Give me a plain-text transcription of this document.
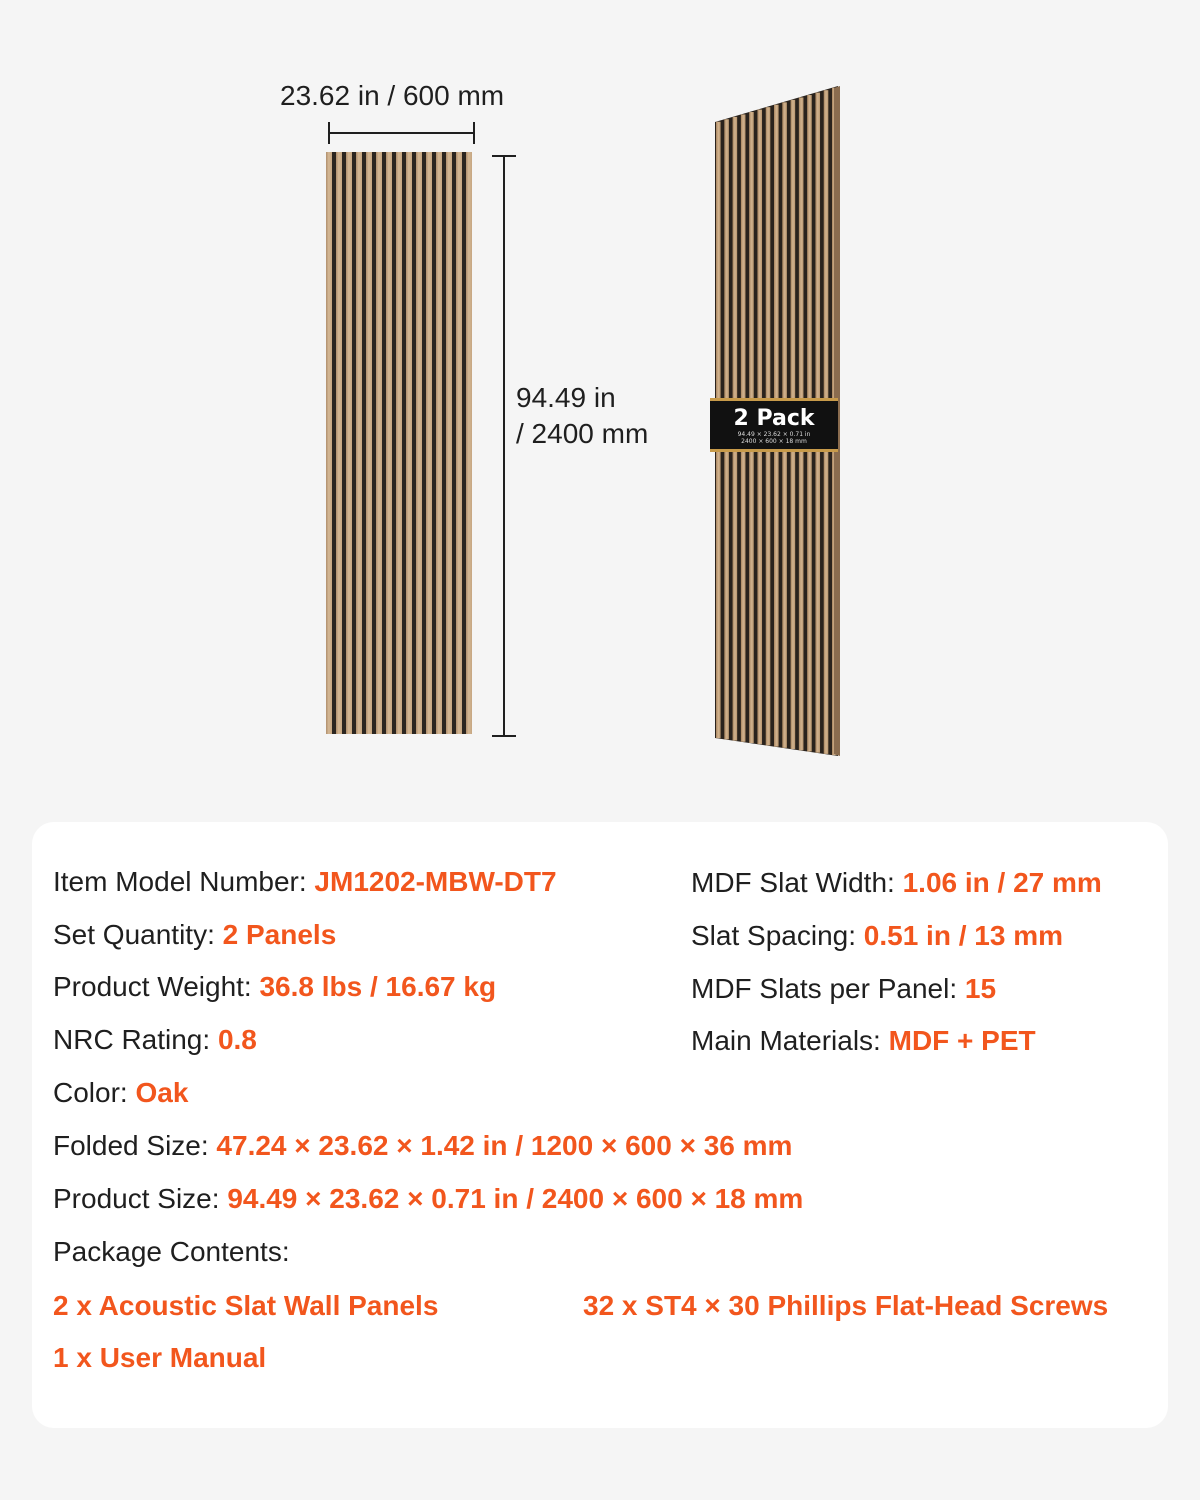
23.62 in / 600 mm
94.49 in
/ 2400 mm	2 Pack
94.49 × 23.62 × 0.71 in
2400 × 600 × 18 mm
Item Model Number: JM1202-MBW-DT7
Set Quantity: 2 Panels
Product Weight: 36.8 lbs / 16.67 kg
NRC Rating: 0.8
Color: Oak
MDF Slat Width: 1.06 in / 27 mm
Slat Spacing: 0.51 in / 13 mm
MDF Slats per Panel: 15
Main Materials: MDF + PET
Folded Size: 47.24 × 23.62 × 1.42 in / 1200 × 600 × 36 mm
Product Size: 94.49 × 23.62 × 0.71 in / 2400 × 600 × 18 mm
Package Contents:
2 x Acoustic Slat Wall Panels	32 x ST4 × 30 Phillips Flat-Head Screws
1 x User Manual
